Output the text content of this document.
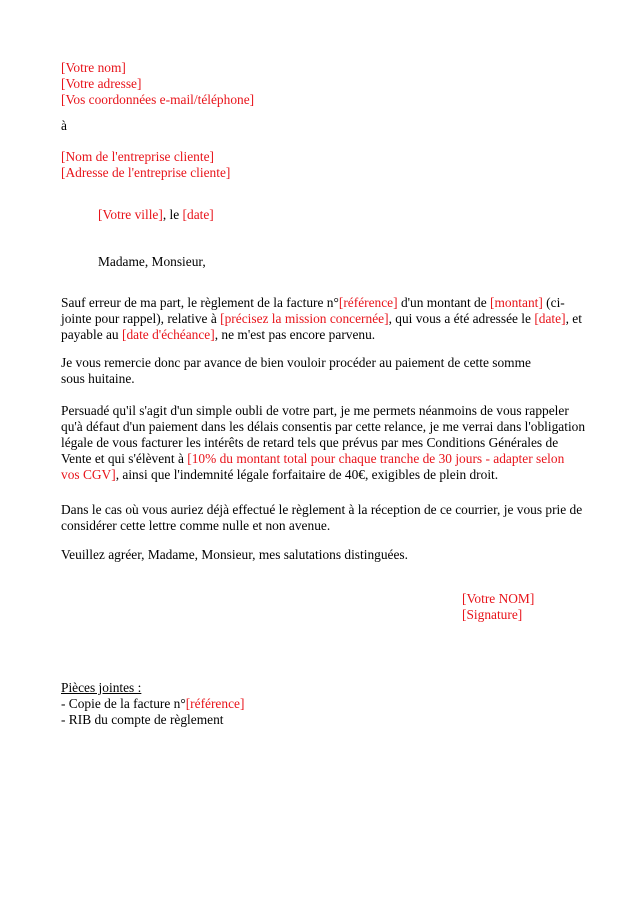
[Votre nom]
[Votre adresse]
[Vos coordonnées e-mail/téléphone]
à
[Nom de l'entreprise cliente]
[Adresse de l'entreprise cliente]
[Votre ville], le [date]
Madame, Monsieur,
Sauf erreur de ma part, le règlement de la facture n°[référence] d'un montant de [montant] (ci-jointe pour rappel), relative à [précisez la mission concernée], qui vous a été adressée le [date], et payable au [date d'échéance], ne m'est pas encore parvenu.
Je vous remercie donc par avance de bien vouloir procéder au paiement de cette somme sous huitaine.
Persuadé qu'il s'agit d'un simple oubli de votre part, je me permets néanmoins de vous rappeler qu'à défaut d'un paiement dans les délais consentis par cette relance, je me verrai dans l'obligation légale de vous facturer les intérêts de retard tels que prévus par mes Conditions Générales de Vente et qui s'élèvent à [10% du montant total pour chaque tranche de 30 jours - adapter selon vos CGV], ainsi que l'indemnité légale forfaitaire de 40€, exigibles de plein droit.
Dans le cas où vous auriez déjà effectué le règlement à la réception de ce courrier, je vous prie de considérer cette lettre comme nulle et non avenue.
Veuillez agréer, Madame, Monsieur, mes salutations distinguées.
[Votre NOM]
[Signature]
Pièces jointes :
- Copie de la facture n°[référence]
- RIB du compte de règlement
